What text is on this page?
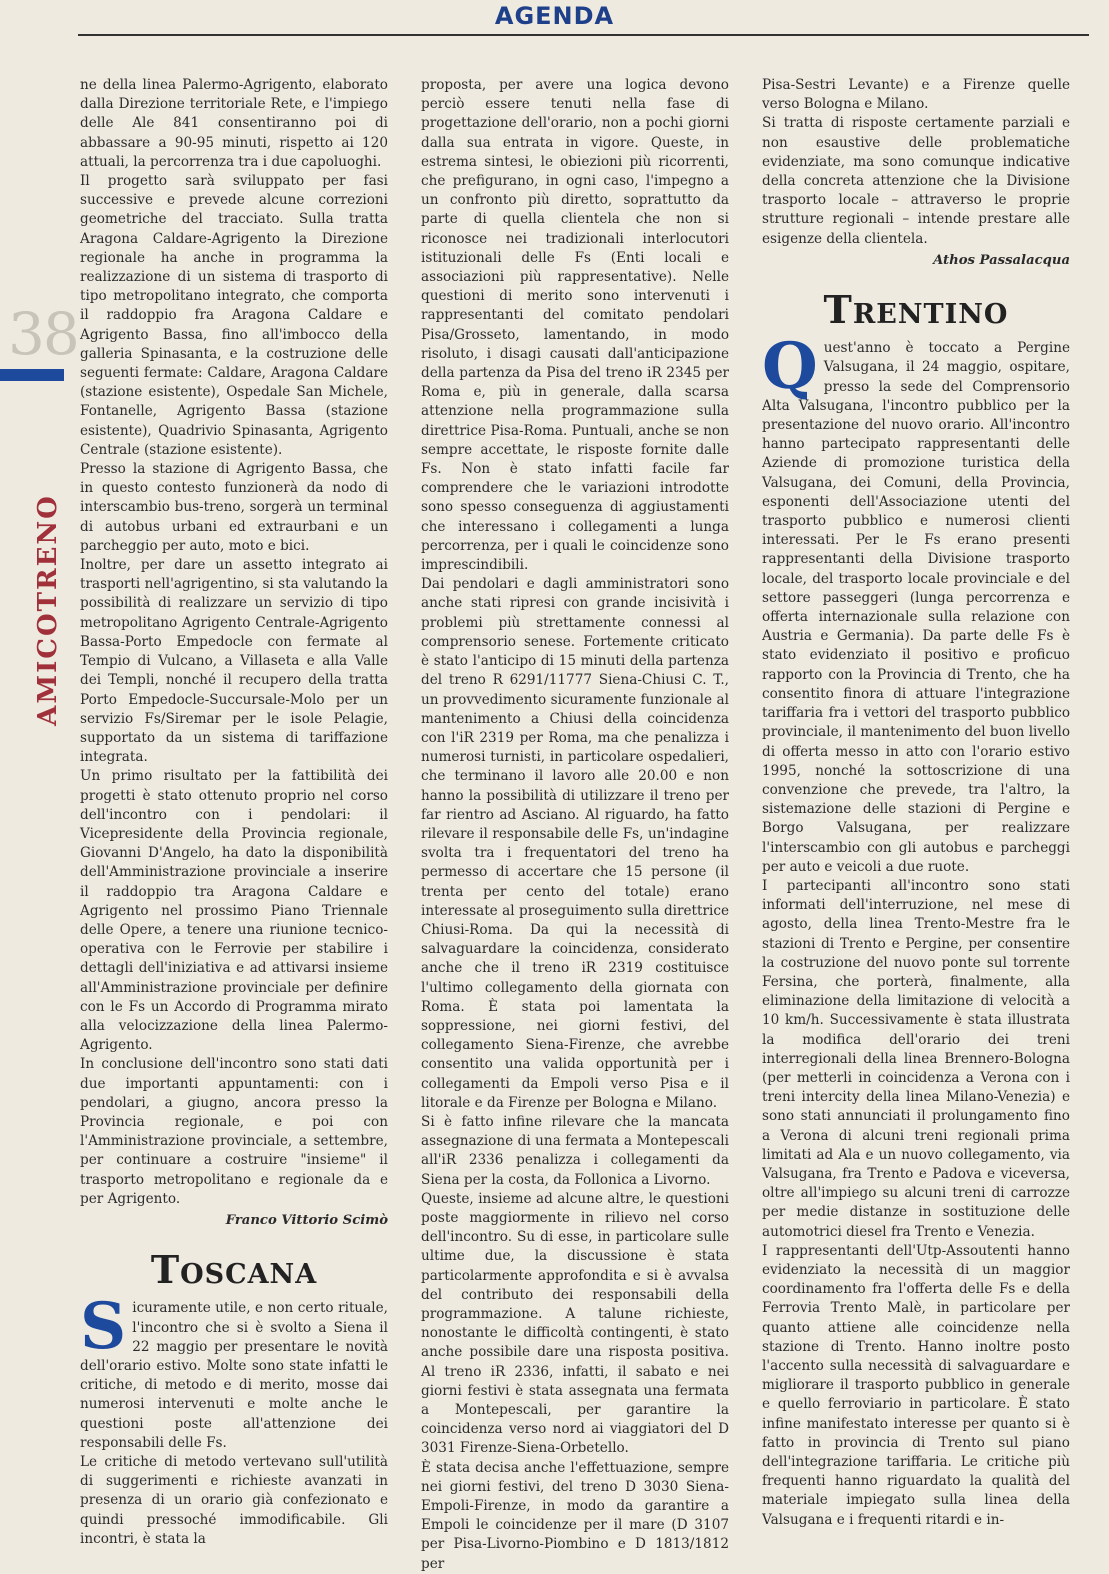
AGENDA
38
AMICOTRENO

ne della linea Palermo-Agrigento, elaborato dalla Direzione territoriale Rete, e l'impiego delle Ale 841 consentiranno poi di abbassare a 90-95 minuti, rispetto ai 120 attuali, la percorrenza tra i due capoluoghi.

Il progetto sarà sviluppato per fasi successive e prevede alcune correzioni geometriche del tracciato. Sulla tratta Aragona Caldare-Agrigento la Direzione regionale ha anche in programma la realizzazione di un sistema di trasporto di tipo metropolitano integrato, che comporta il raddoppio fra Aragona Caldare e Agrigento Bassa, fino all'imbocco della galleria Spinasanta, e la costruzione delle seguenti fermate: Caldare, Aragona Caldare (stazione esistente), Ospedale San Michele, Fontanelle, Agrigento Bassa (stazione esistente), Quadrivio Spinasanta, Agrigento Centrale (stazione esistente).

Presso la stazione di Agrigento Bassa, che in questo contesto funzionerà da nodo di interscambio bus-treno, sorgerà un terminal di autobus urbani ed extraurbani e un parcheggio per auto, moto e bici.

Inoltre, per dare un assetto integrato ai trasporti nell'agrigentino, si sta valutando la possibilità di realizzare un servizio di tipo metropolitano Agrigento Centrale-Agrigento Bassa-Porto Empedocle con fermate al Tempio di Vulcano, a Villaseta e alla Valle dei Templi, nonché il recupero della tratta Porto Empedocle-Succursale-Molo per un servizio Fs/Siremar per le isole Pelagie, supportato da un sistema di tariffazione integrata.

Un primo risultato per la fattibilità dei progetti è stato ottenuto proprio nel corso dell'incontro con i pendolari: il Vicepresidente della Provincia regionale, Giovanni D'Angelo, ha dato la disponibilità dell'Amministrazione provinciale a inserire il raddoppio tra Aragona Caldare e Agrigento nel prossimo Piano Triennale delle Opere, a tenere una riunione tecnico-operativa con le Ferrovie per stabilire i dettagli dell'iniziativa e ad attivarsi insieme all'Amministrazione provinciale per definire con le Fs un Accordo di Programma mirato alla velocizzazione della linea Palermo-Agrigento.

In conclusione dell'incontro sono stati dati due importanti appuntamenti: con i pendolari, a giugno, ancora presso la Provincia regionale, e poi con l'Amministrazione provinciale, a settembre, per continuare a costruire "insieme" il trasporto metropolitano e regionale da e per Agrigento.

Franco Vittorio Scimò
Toscana

Sicuramente utile, e non certo rituale, l'incontro che si è svolto a Siena il 22 maggio per presentare le novità dell'orario estivo. Molte sono state infatti le critiche, di metodo e di merito, mosse dai numerosi intervenuti e molte anche le questioni poste all'attenzione dei responsabili delle Fs.

Le critiche di metodo vertevano sull'utilità di suggerimenti e richieste avanzati in presenza di un orario già confezionato e quindi pressoché immodificabile. Gli incontri, è stata la

proposta, per avere una logica devono perciò essere tenuti nella fase di progettazione dell'orario, non a pochi giorni dalla sua entrata in vigore. Queste, in estrema sintesi, le obiezioni più ricorrenti, che prefigurano, in ogni caso, l'impegno a un confronto più diretto, soprattutto da parte di quella clientela che non si riconosce nei tradizionali interlocutori istituzionali delle Fs (Enti locali e associazioni più rappresentative). Nelle questioni di merito sono intervenuti i rappresentanti del comitato pendolari Pisa/Grosseto, lamentando, in modo risoluto, i disagi causati dall'anticipazione della partenza da Pisa del treno iR 2345 per Roma e, più in generale, dalla scarsa attenzione nella programmazione sulla direttrice Pisa-Roma. Puntuali, anche se non sempre accettate, le risposte fornite dalle Fs. Non è stato infatti facile far comprendere che le variazioni introdotte sono spesso conseguenza di aggiustamenti che interessano i collegamenti a lunga percorrenza, per i quali le coincidenze sono imprescindibili.

Dai pendolari e dagli amministratori sono anche stati ripresi con grande incisività i problemi più strettamente connessi al comprensorio senese. Fortemente criticato è stato l'anticipo di 15 minuti della partenza del treno R 6291/11777 Siena-Chiusi C. T., un provvedimento sicuramente funzionale al mantenimento a Chiusi della coincidenza con l'iR 2319 per Roma, ma che penalizza i numerosi turnisti, in particolare ospedalieri, che terminano il lavoro alle 20.00 e non hanno la possibilità di utilizzare il treno per far rientro ad Asciano. Al riguardo, ha fatto rilevare il responsabile delle Fs, un'indagine svolta tra i frequentatori del treno ha permesso di accertare che 15 persone (il trenta per cento del totale) erano interessate al proseguimento sulla direttrice Chiusi-Roma. Da qui la necessità di salvaguardare la coincidenza, considerato anche che il treno iR 2319 costituisce l'ultimo collegamento della giornata con Roma. È stata poi lamentata la soppressione, nei giorni festivi, del collegamento Siena-Firenze, che avrebbe consentito una valida opportunità per i collegamenti da Empoli verso Pisa e il litorale e da Firenze per Bologna e Milano.

Si è fatto infine rilevare che la mancata assegnazione di una fermata a Montepescali all'iR 2336 penalizza i collegamenti da Siena per la costa, da Follonica a Livorno.

Queste, insieme ad alcune altre, le questioni poste maggiormente in rilievo nel corso dell'incontro. Su di esse, in particolare sulle ultime due, la discussione è stata particolarmente approfondita e si è avvalsa del contributo dei responsabili della programmazione. A talune richieste, nonostante le difficoltà contingenti, è stato anche possibile dare una risposta positiva. Al treno iR 2336, infatti, il sabato e nei giorni festivi è stata assegnata una fermata a Montepescali, per garantire la coincidenza verso nord ai viaggiatori del D 3031 Firenze-Siena-Orbetello.

È stata decisa anche l'effettuazione, sempre nei giorni festivi, del treno D 3030 Siena-Empoli-Firenze, in modo da garantire a Empoli le coincidenze per il mare (D 3107 per Pisa-Livorno-Piombino e D 1813/1812 per

Pisa-Sestri Levante) e a Firenze quelle verso Bologna e Milano.

Si tratta di risposte certamente parziali e non esaustive delle problematiche evidenziate, ma sono comunque indicative della concreta attenzione che la Divisione trasporto locale – attraverso le proprie strutture regionali – intende prestare alle esigenze della clientela.

Athos Passalacqua
Trentino

Quest'anno è toccato a Pergine Valsugana, il 24 maggio, ospitare, presso la sede del Comprensorio Alta Valsugana, l'incontro pubblico per la presentazione del nuovo orario. All'incontro hanno partecipato rappresentanti delle Aziende di promozione turistica della Valsugana, dei Comuni, della Provincia, esponenti dell'Associazione utenti del trasporto pubblico e numerosi clienti interessati. Per le Fs erano presenti rappresentanti della Divisione trasporto locale, del trasporto locale provinciale e del settore passeggeri (lunga percorrenza e offerta internazionale sulla relazione con Austria e Germania). Da parte delle Fs è stato evidenziato il positivo e proficuo rapporto con la Provincia di Trento, che ha consentito finora di attuare l'integrazione tariffaria fra i vettori del trasporto pubblico provinciale, il mantenimento del buon livello di offerta messo in atto con l'orario estivo 1995, nonché la sottoscrizione di una convenzione che prevede, tra l'altro, la sistemazione delle stazioni di Pergine e Borgo Valsugana, per realizzare l'interscambio con gli autobus e parcheggi per auto e veicoli a due ruote.

I partecipanti all'incontro sono stati informati dell'interruzione, nel mese di agosto, della linea Trento-Mestre fra le stazioni di Trento e Pergine, per consentire la costruzione del nuovo ponte sul torrente Fersina, che porterà, finalmente, alla eliminazione della limitazione di velocità a 10 km/h. Successivamente è stata illustrata la modifica dell'orario dei treni interregionali della linea Brennero-Bologna (per metterli in coincidenza a Verona con i treni intercity della linea Milano-Venezia) e sono stati annunciati il prolungamento fino a Verona di alcuni treni regionali prima limitati ad Ala e un nuovo collegamento, via Valsugana, fra Trento e Padova e viceversa, oltre all'impiego su alcuni treni di carrozze per medie distanze in sostituzione delle automotrici diesel fra Trento e Venezia.

I rappresentanti dell'Utp-Assoutenti hanno evidenziato la necessità di un maggior coordinamento fra l'offerta delle Fs e della Ferrovia Trento Malè, in particolare per quanto attiene alle coincidenze nella stazione di Trento. Hanno inoltre posto l'accento sulla necessità di salvaguardare e migliorare il trasporto pubblico in generale e quello ferroviario in particolare. È stato infine manifestato interesse per quanto si è fatto in provincia di Trento sul piano dell'integrazione tariffaria. Le critiche più frequenti hanno riguardato la qualità del materiale impiegato sulla linea della Valsugana e i frequenti ritardi e in-
